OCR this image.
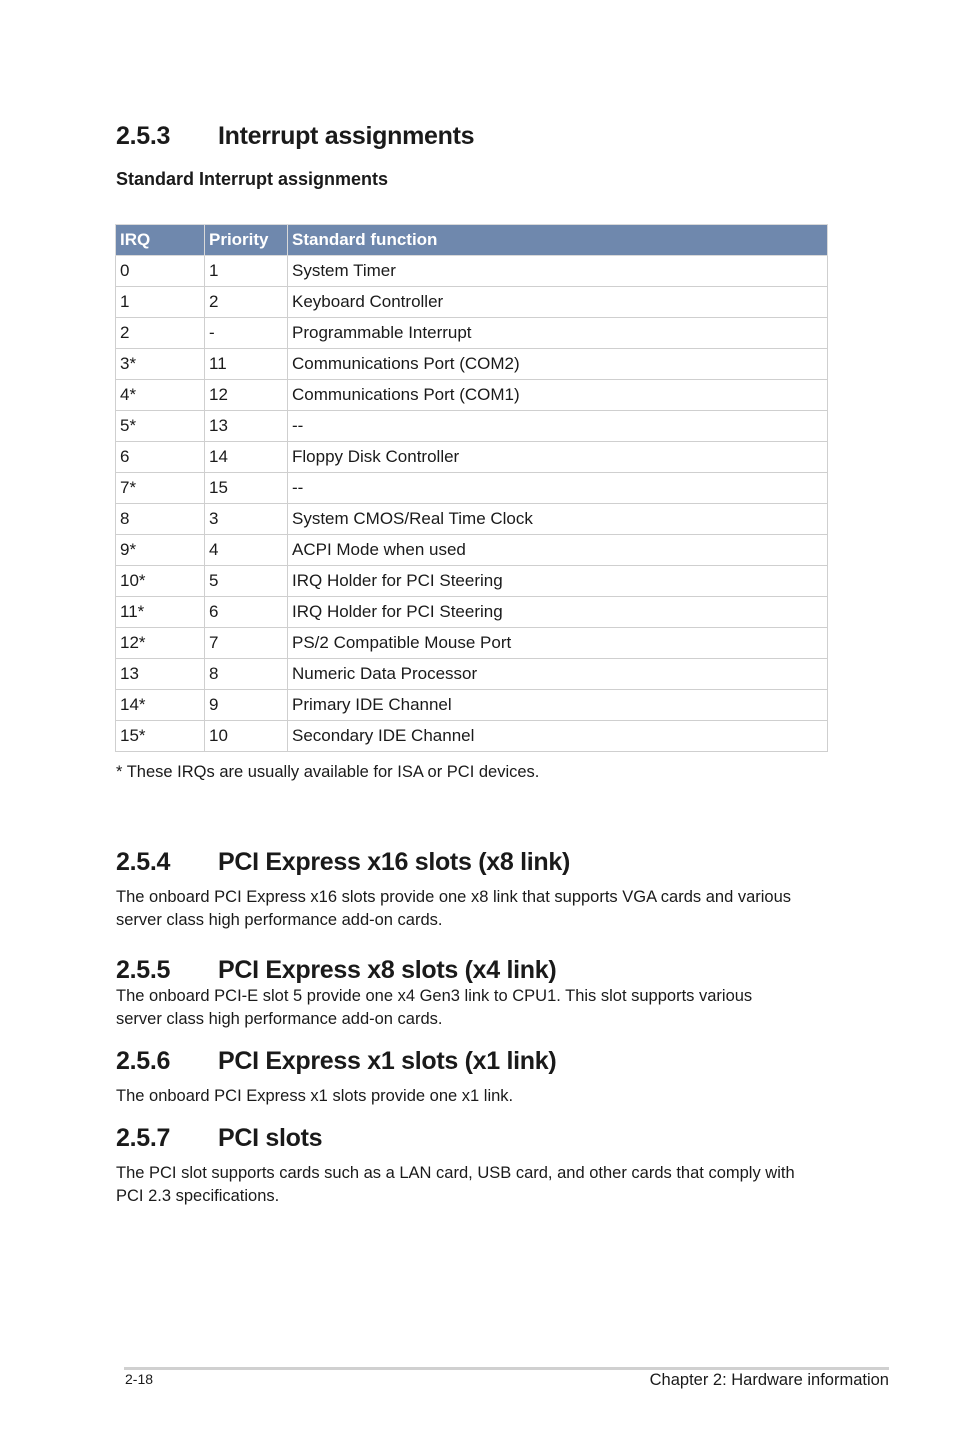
2.5.3 Interrupt assignments
Standard Interrupt assignments
IRQ	Priority	Standard function
0	1	System Timer
1	2	Keyboard Controller
2	-	Programmable Interrupt
3*	11	Communications Port (COM2)
4*	12	Communications Port (COM1)
5*	13	--
6	14	Floppy Disk Controller
7*	15	--
8	3	System CMOS/Real Time Clock
9*	4	ACPI Mode when used
10*	5	IRQ Holder for PCI Steering
11*	6	IRQ Holder for PCI Steering
12*	7	PS/2 Compatible Mouse Port
13	8	Numeric Data Processor
14*	9	Primary IDE Channel
15*	10	Secondary IDE Channel
* These IRQs are usually available for ISA or PCI devices.
2.5.4 PCI Express x16 slots (x8 link)
The onboard PCI Express x16 slots provide one x8 link that supports VGA cards and various
server class high performance add-on cards.
2.5.5 PCI Express x8 slots (x4 link)
The onboard PCI-E slot 5 provide one x4 Gen3 link to CPU1. This slot supports various
server class high performance add-on cards.
2.5.6 PCI Express x1 slots (x1 link)
The onboard PCI Express x1 slots provide one x1 link.
2.5.7 PCI slots
The PCI slot supports cards such as a LAN card, USB card, and other cards that comply with
PCI 2.3 specifications.
2-18	Chapter 2: Hardware information
